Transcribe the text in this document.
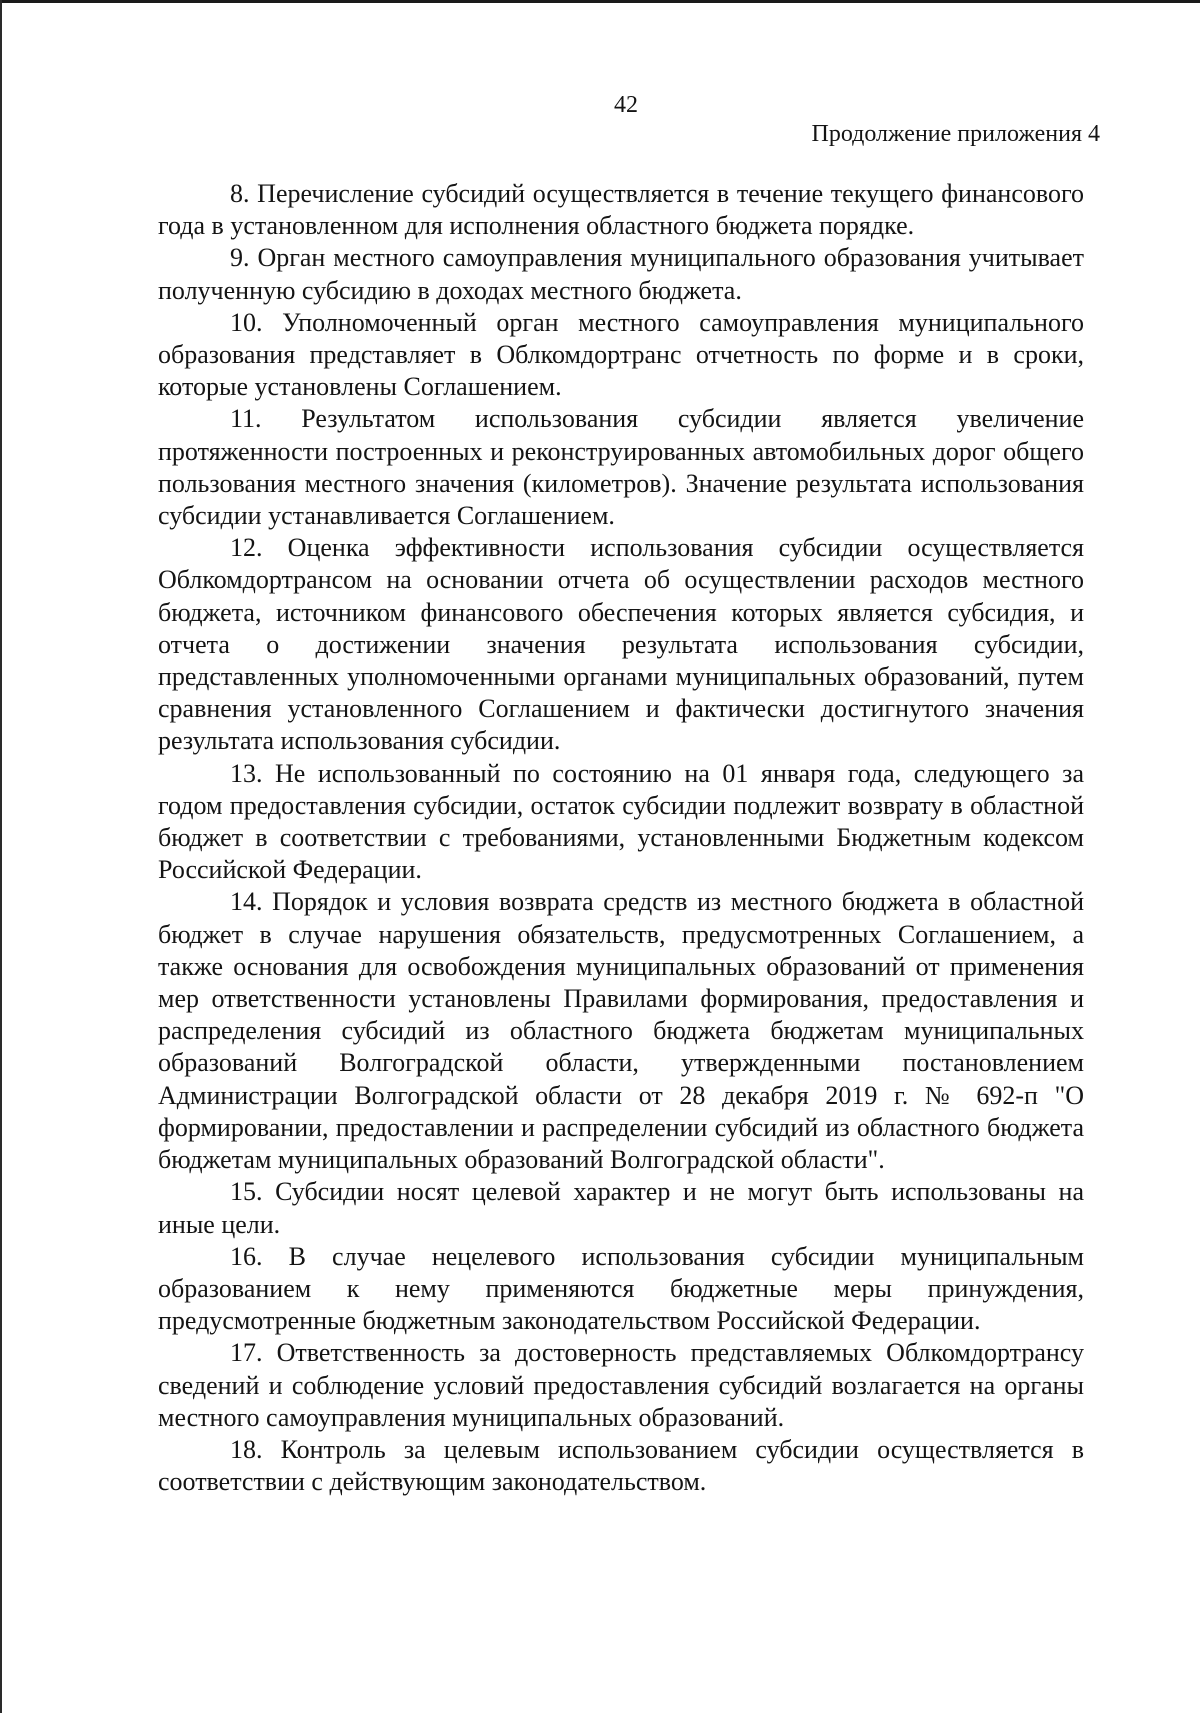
42
Продолжение приложения 4

8. Перечисление субсидий осуществляется в течение текущего финансового года в установленном для исполнения областного бюджета порядке.

9. Орган местного самоуправления муниципального образования учитывает полученную субсидию в доходах местного бюджета.

10. Уполномоченный орган местного самоуправления муниципального образования представляет в Облкомдортранс отчетность по форме и в сроки, которые установлены Соглашением.

11. Результатом использования субсидии является увеличение протяженности построенных и реконструированных автомобильных дорог общего пользования местного значения (километров). Значение результата использования субсидии устанавливается Соглашением.

12. Оценка эффективности использования субсидии осуществляется Облкомдортрансом на основании отчета об осуществлении расходов местного бюджета, источником финансового обеспечения которых является субсидия, и отчета о достижении значения результата использования субсидии, представленных уполномоченными органами муниципальных образований, путем сравнения установленного Соглашением и фактически достигнутого значения результата использования субсидии.

13. Не использованный по состоянию на 01 января года, следующего за годом предоставления субсидии, остаток субсидии подлежит возврату в областной бюджет в соответствии с требованиями, установленными Бюджетным кодексом Российской Федерации.

14. Порядок и условия возврата средств из местного бюджета в областной бюджет в случае нарушения обязательств, предусмотренных Соглашением, а также основания для освобождения муниципальных образований от применения мер ответственности установлены Правилами формирования, предоставления и распределения субсидий из областного бюджета бюджетам муниципальных образований Волгоградской области, утвержденными постановлением Администрации Волгоградской области от 28 декабря 2019 г. № 692-п "О формировании, предоставлении и распределении субсидий из областного бюджета бюджетам муниципальных образований Волгоградской области".

15. Субсидии носят целевой характер и не могут быть использованы на иные цели.

16. В случае нецелевого использования субсидии муниципальным образованием к нему применяются бюджетные меры принуждения, предусмотренные бюджетным законодательством Российской Федерации.

17. Ответственность за достоверность представляемых Облкомдортрансу сведений и соблюдение условий предоставления субсидий возлагается на органы местного самоуправления муниципальных образований.

18. Контроль за целевым использованием субсидии осуществляется в соответствии с действующим законодательством.
